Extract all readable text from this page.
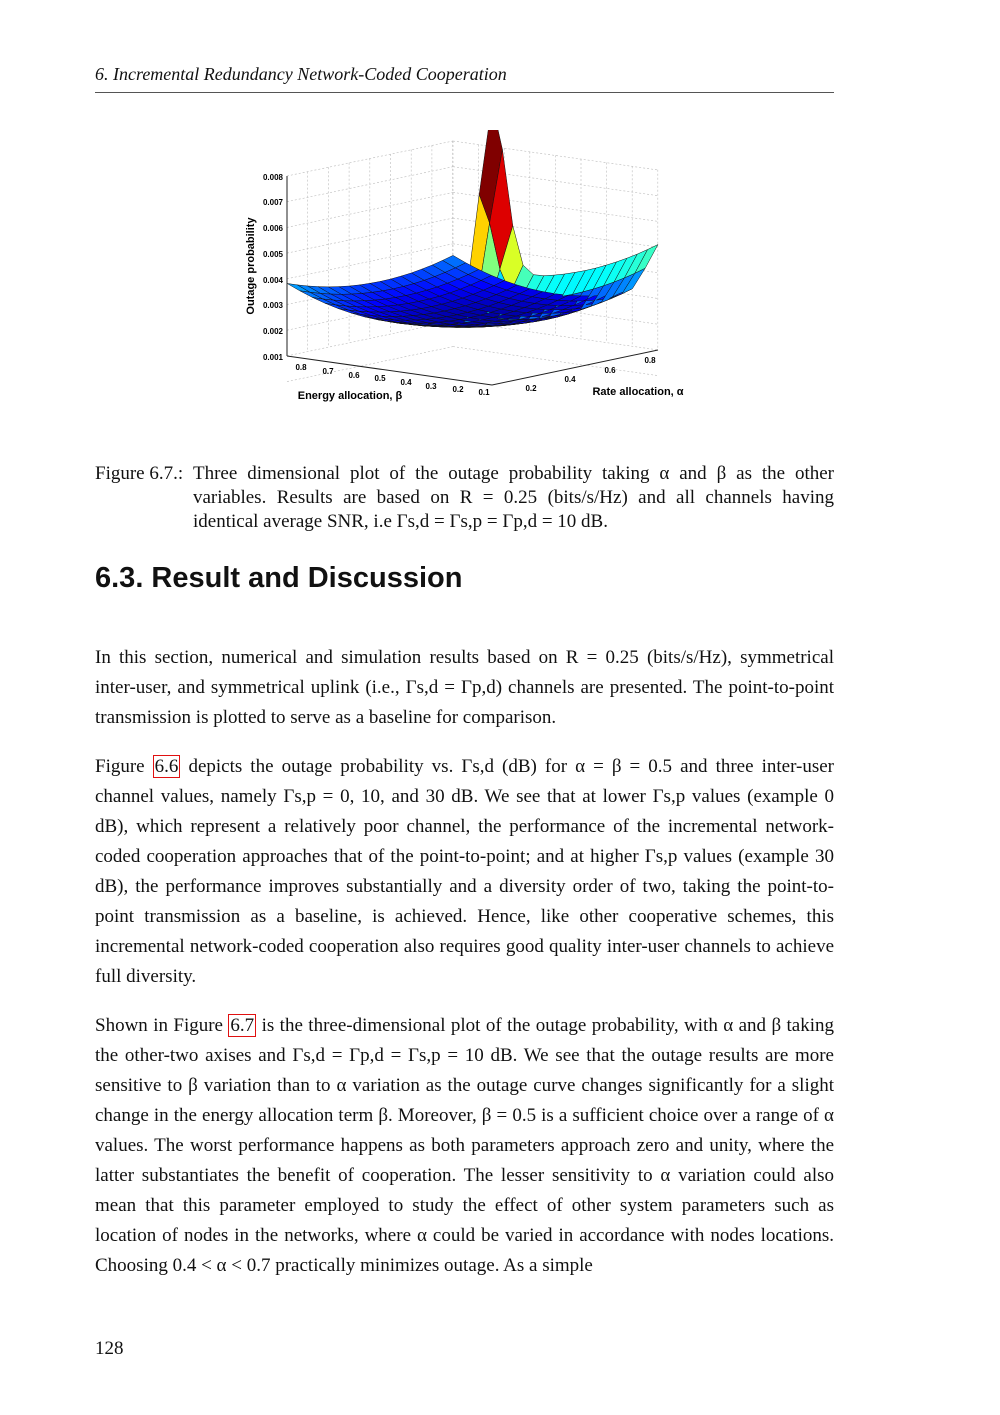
6. Incremental Redundancy Network-Coded Cooperation
0.008
0.007
0.006
0.005
0.004
0.003
0.002
0.001
0.8 0.7 0.6 0.5 0.4 0.3 0.2 0.1	0.2
0.4
0.6
0.8
Outage probability
Energy allocation, β	Rate allocation, α
Figure 6.7.: Three dimensional plot of the outage probability taking α and β as the other variables. Results are based on R = 0.25 (bits/s/Hz) and all channels having identical average SNR, i.e Γs,d = Γs,p = Γp,d = 10 dB.
6.3. Result and Discussion

In this section, numerical and simulation results based on R = 0.25 (bits/s/Hz), symmetrical inter-user, and symmetrical uplink (i.e., Γs,d = Γp,d) channels are presented. The point-to-point transmission is plotted to serve as a baseline for comparison.

Figure 6.6 depicts the outage probability vs. Γs,d (dB) for α = β = 0.5 and three inter-user channel values, namely Γs,p = 0, 10, and 30 dB. We see that at lower Γs,p values (example 0 dB), which represent a relatively poor channel, the performance of the incremental network-coded cooperation approaches that of the point-to-point; and at higher Γs,p values (example 30 dB), the performance improves substantially and a diversity order of two, taking the point-to-point transmission as a baseline, is achieved. Hence, like other cooperative schemes, this incremental network-coded cooperation also requires good quality inter-user channels to achieve full diversity.

Shown in Figure 6.7 is the three-dimensional plot of the outage probability, with α and β taking the other-two axises and Γs,d = Γp,d = Γs,p = 10 dB. We see that the outage results are more sensitive to β variation than to α variation as the outage curve changes significantly for a slight change in the energy allocation term β. Moreover, β = 0.5 is a sufficient choice over a range of α values. The worst performance happens as both parameters approach zero and unity, where the latter substantiates the benefit of cooperation. The lesser sensitivity to α variation could also mean that this parameter employed to study the effect of other system parameters such as location of nodes in the networks, where α could be varied in accordance with nodes locations. Choosing 0.4 < α < 0.7 practically minimizes outage. As a simple

128
